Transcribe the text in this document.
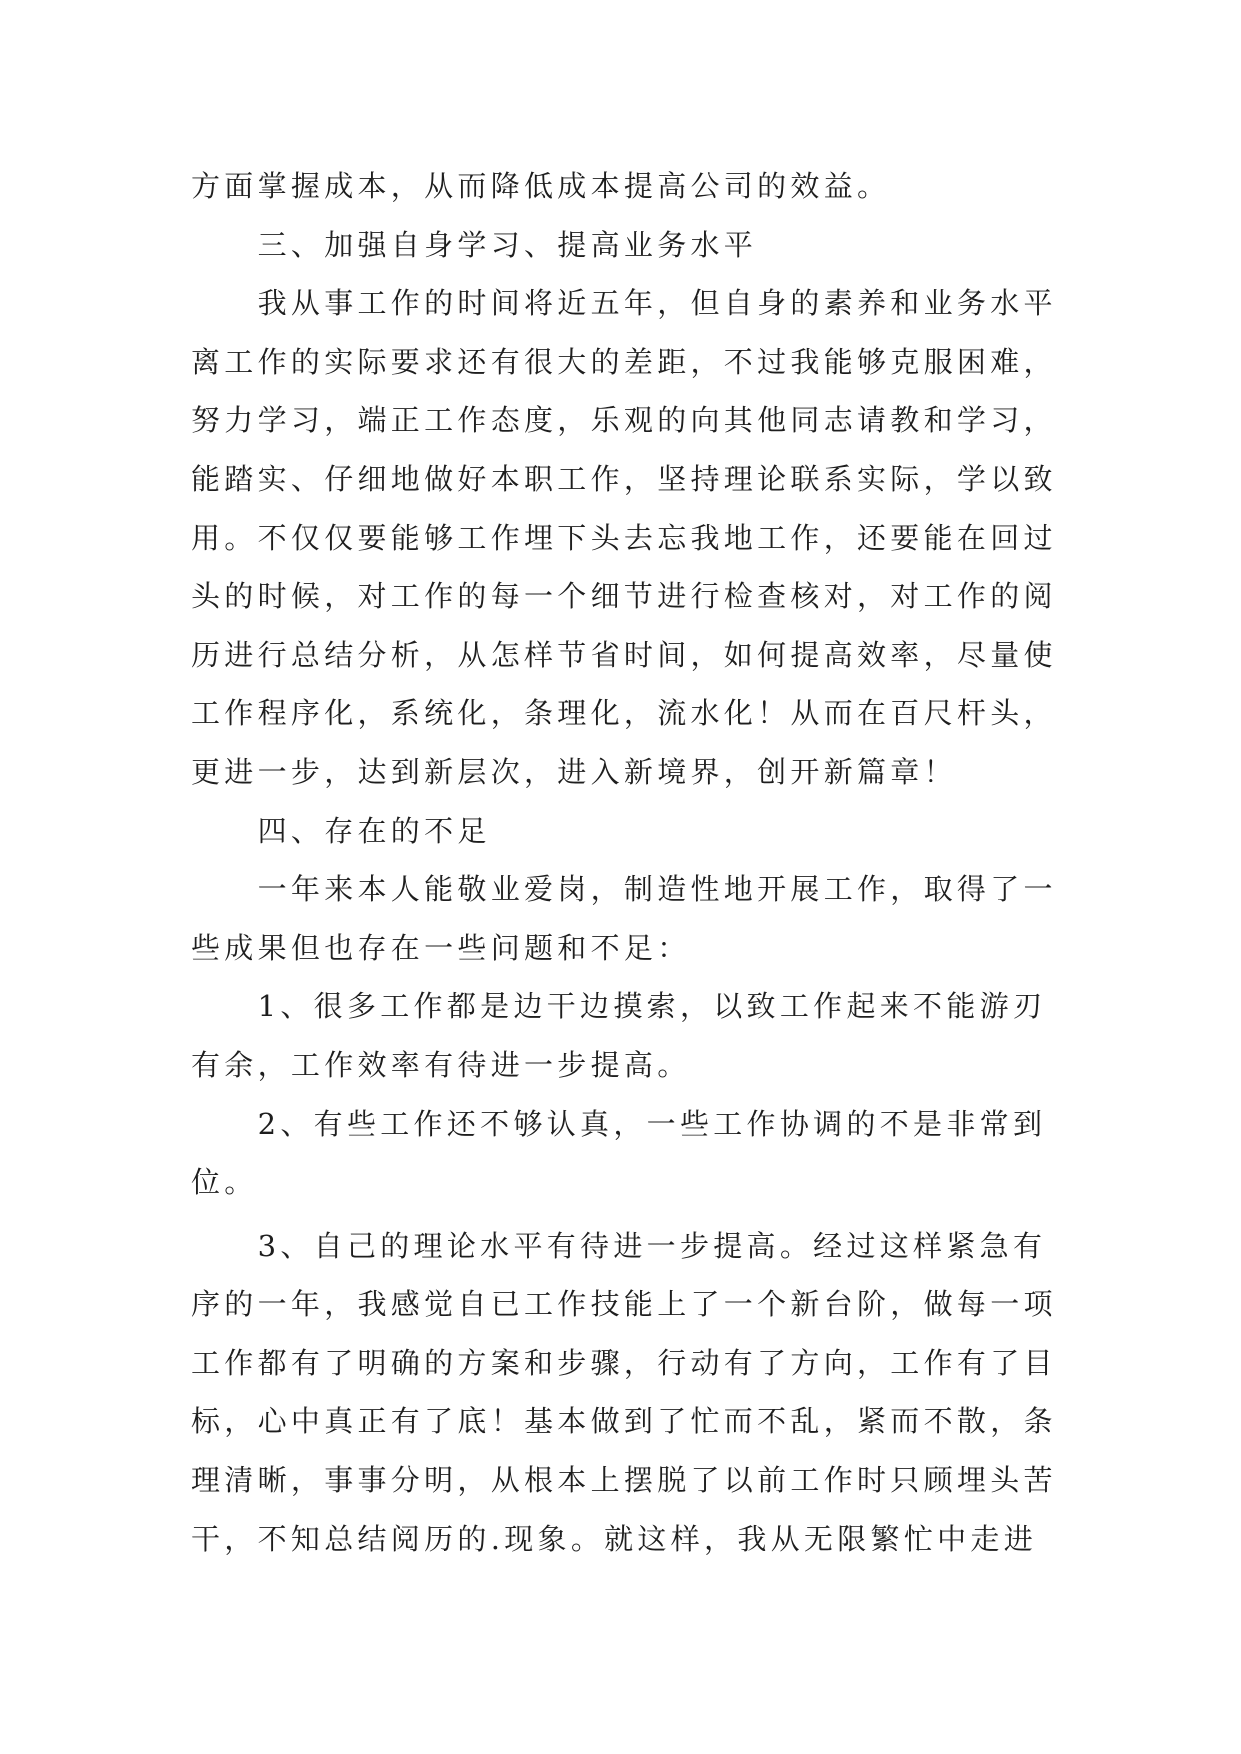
方面掌握成本，从而降低成本提高公司的效益。
三、加强自身学习、提高业务水平
我从事工作的时间将近五年，但自身的素养和业务水平
离工作的实际要求还有很大的差距，不过我能够克服困难，
努力学习，端正工作态度，乐观的向其他同志请教和学习，
能踏实、仔细地做好本职工作，坚持理论联系实际，学以致
用。不仅仅要能够工作埋下头去忘我地工作，还要能在回过
头的时候，对工作的每一个细节进行检查核对，对工作的阅
历进行总结分析，从怎样节省时间，如何提高效率，尽量使
工作程序化，系统化，条理化，流水化！从而在百尺杆头，
更进一步，达到新层次，进入新境界，创开新篇章！
四、存在的不足
一年来本人能敬业爱岗，制造性地开展工作，取得了一
些成果但也存在一些问题和不足：
1、很多工作都是边干边摸索，以致工作起来不能游刃
有余，工作效率有待进一步提高。
2、有些工作还不够认真，一些工作协调的不是非常到
位。
3、自己的理论水平有待进一步提高。经过这样紧急有
序的一年，我感觉自已工作技能上了一个新台阶，做每一项
工作都有了明确的方案和步骤，行动有了方向，工作有了目
标，心中真正有了底！基本做到了忙而不乱，紧而不散，条
理清晰，事事分明，从根本上摆脱了以前工作时只顾埋头苦
干，不知总结阅历的.现象。就这样，我从无限繁忙中走进
